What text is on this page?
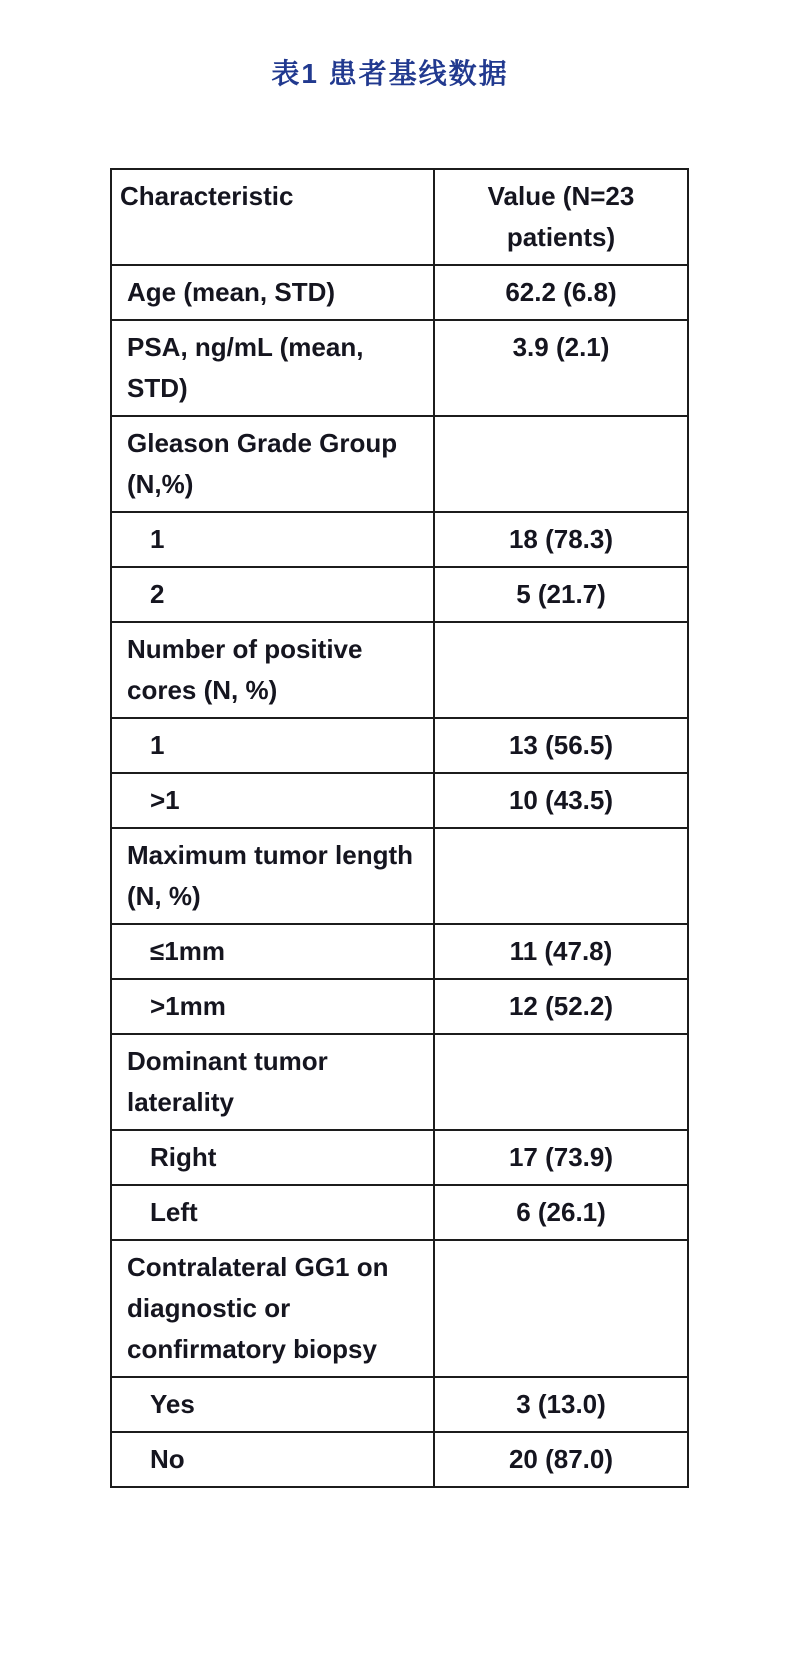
表1 患者基线数据
Characteristic	Value (N=23 patients)
Age (mean, STD)	62.2 (6.8)
PSA, ng/mL (mean, STD)	3.9 (2.1)
Gleason Grade Group (N,%)	
1	18 (78.3)
2	5 (21.7)
Number of positive cores (N, %)	
1	13 (56.5)
>1	10 (43.5)
Maximum tumor length (N, %)	
≤1mm	11 (47.8)
>1mm	12 (52.2)
Dominant tumor laterality	
Right	17 (73.9)
Left	6 (26.1)
Contralateral GG1 on diagnostic or confirmatory biopsy	
Yes	3 (13.0)
No	20 (87.0)
